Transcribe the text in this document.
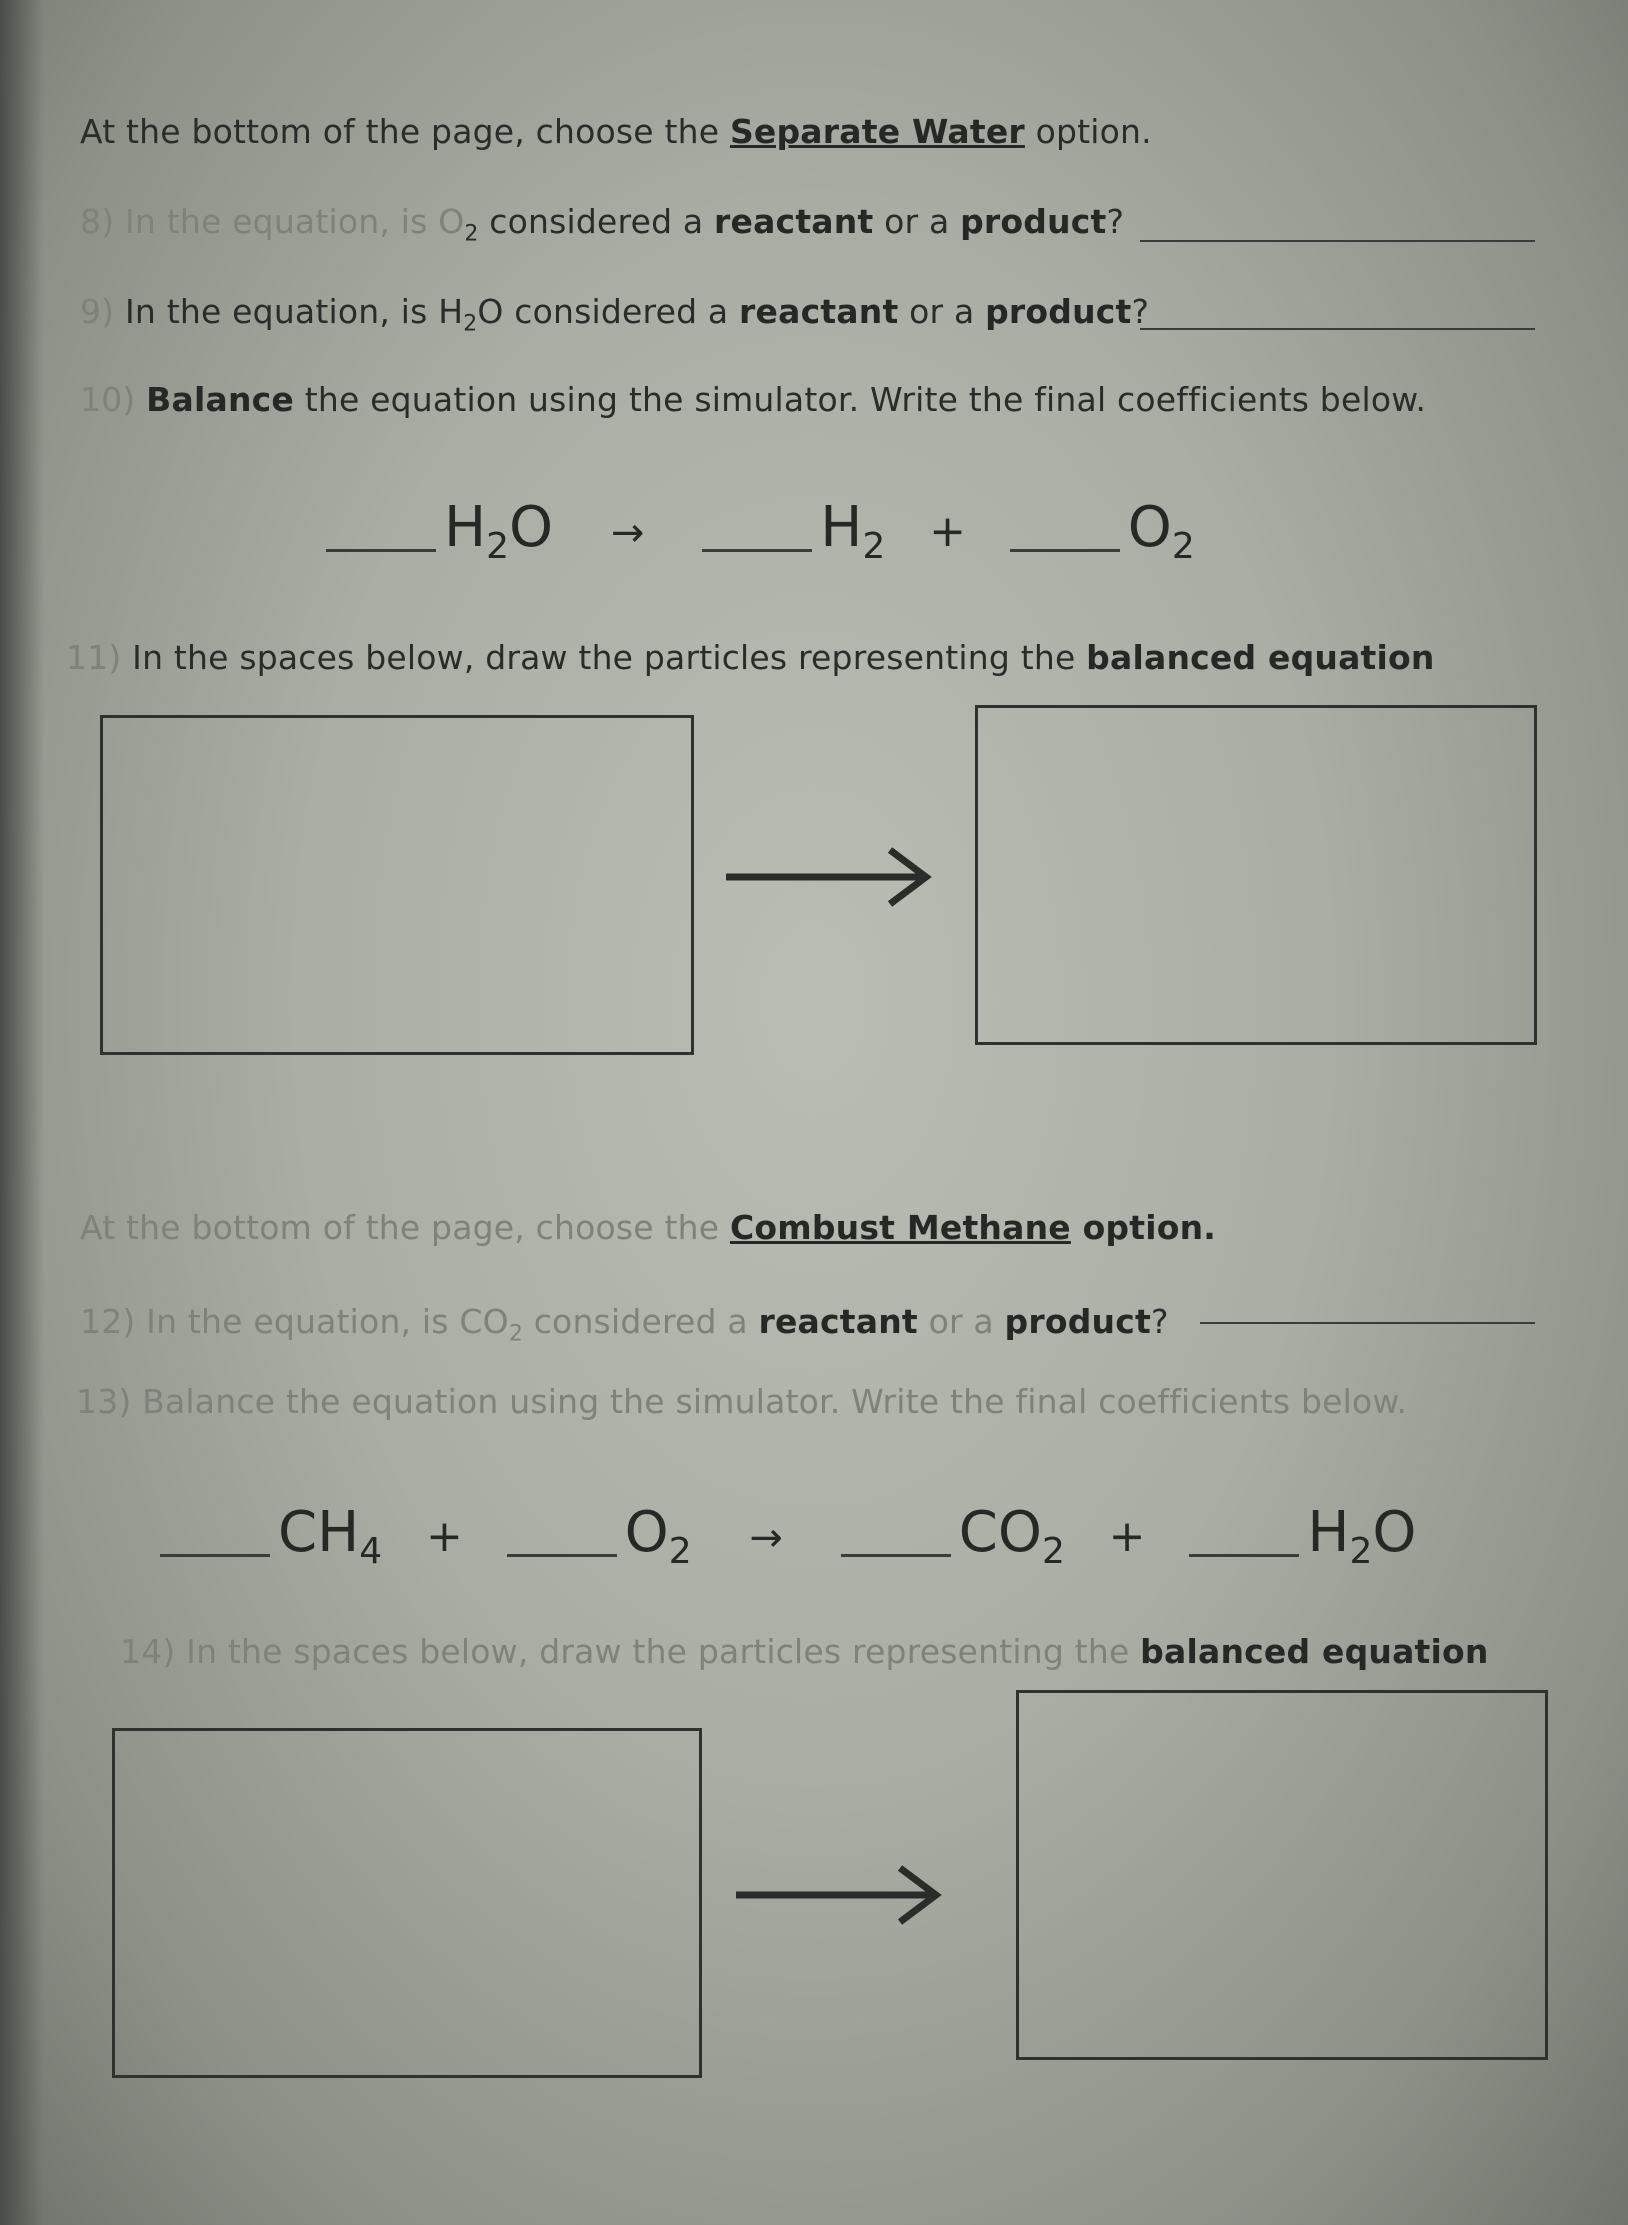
At the bottom of the page, choose the Separate Water option.
8) In the equation, is $O_2$ considered a reactant or a product?
9) In the equation, is $H_2O$ considered a reactant or a product?
10) Balance the equation using the simulator. Write the final coefficients below.
$H_2O$ →	$H_2$ +	$O_2$
11) In the spaces below, draw the particles representing the balanced equation
At the bottom of the page, choose the Combust Methane option.
12) In the equation, is $CO_2$ considered a reactant or a product?
13) Balance the equation using the simulator. Write the final coefficients below.
$CH_4$ +	$O_2$ →	$CO_2$ +	$H_2O$
14) In the spaces below, draw the particles representing the balanced equation
